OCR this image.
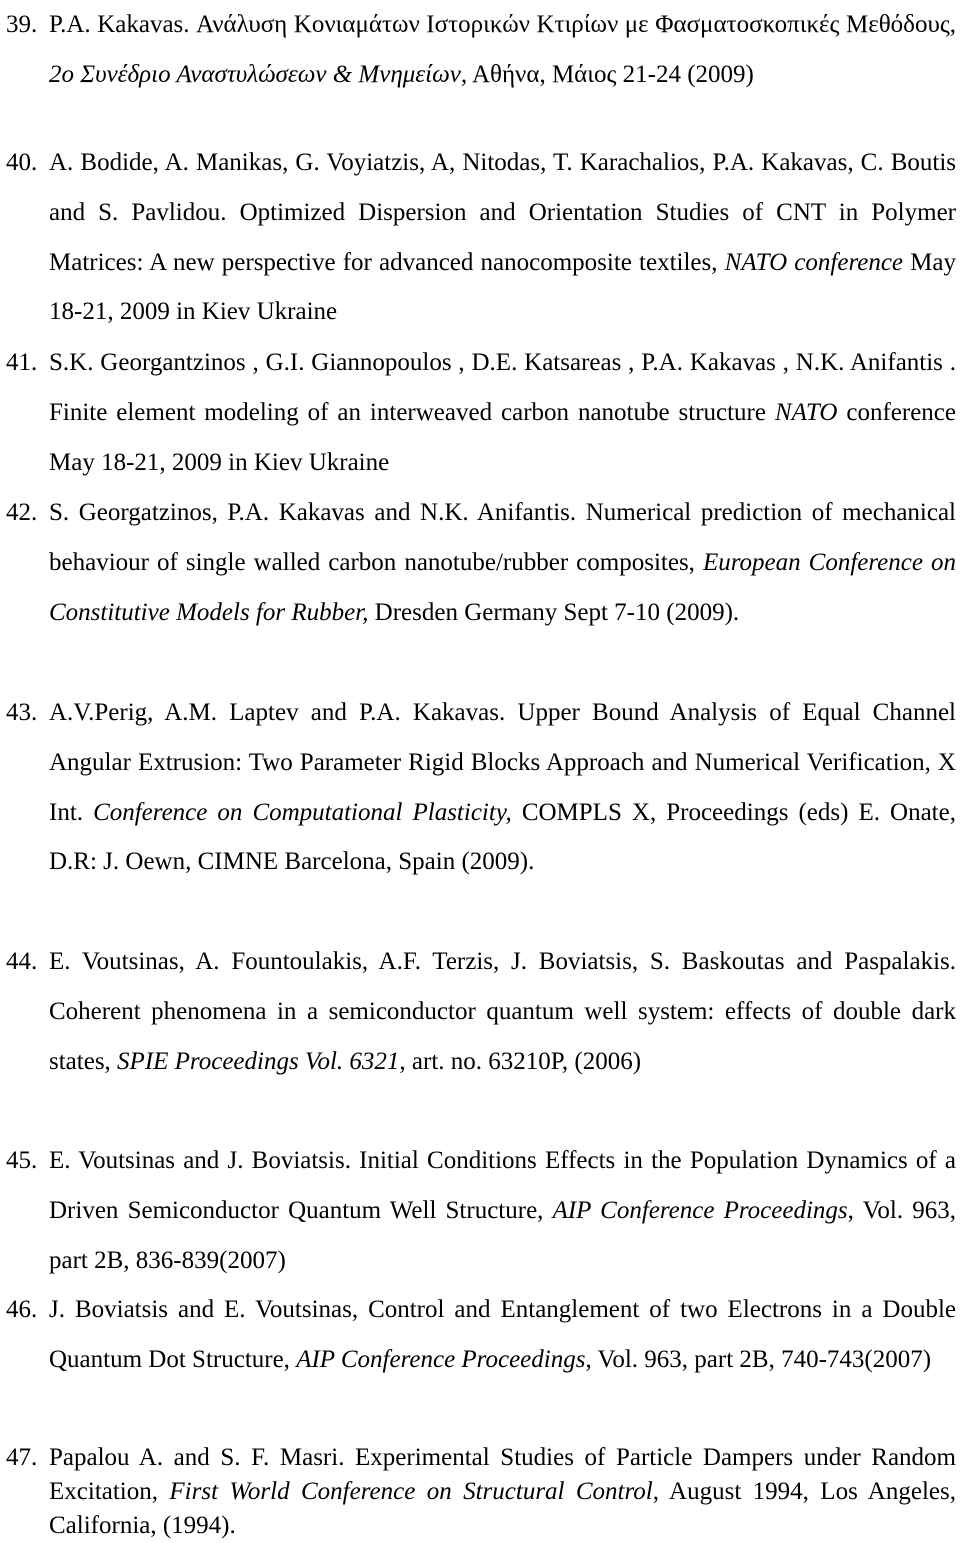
39. P.A. Kakavas. Ανάλυση Κονιαμάτων Ιστορικών Κτιρίων με Φασματοσκοπικές Μεθόδους, 2ο Συνέδριο Αναστυλώσεων & Μνημείων, Αθήνα, Μάιος 21-24 (2009)
40. A. Bodide, A. Manikas, G. Voyiatzis, A, Nitodas, T. Karachalios, P.A. Kakavas, C. Boutis and S. Pavlidou. Optimized Dispersion and Orientation Studies of CNT in Polymer Matrices: A new perspective for advanced nanocomposite textiles, NATO conference May 18-21, 2009 in Kiev Ukraine
41. S.K. Georgantzinos , G.I. Giannopoulos , D.E. Katsareas , P.A. Kakavas , N.K. Anifantis . Finite element modeling of an interweaved carbon nanotube structure NATO conference May 18-21, 2009 in Kiev Ukraine
42. S. Georgatzinos, P.A. Kakavas and N.K. Anifantis. Numerical prediction of mechanical behaviour of single walled carbon nanotube/rubber composites, European Conference on Constitutive Models for Rubber, Dresden Germany Sept 7-10 (2009).
43. A.V.Perig, A.M. Laptev and P.A. Kakavas. Upper Bound Analysis of Equal Channel Angular Extrusion: Two Parameter Rigid Blocks Approach and Numerical Verification, X Int. Conference on Computational Plasticity, COMPLS X, Proceedings (eds) E. Onate, D.R: J. Oewn, CIMNE Barcelona, Spain (2009).
44. E. Voutsinas, A. Fountoulakis, A.F. Terzis, J. Boviatsis, S. Baskoutas and Paspalakis. Coherent phenomena in a semiconductor quantum well system: effects of double dark states, SPIE Proceedings Vol. 6321, art. no. 63210P, (2006)
45. E. Voutsinas and J. Boviatsis. Initial Conditions Effects in the Population Dynamics of a Driven Semiconductor Quantum Well Structure, AIP Conference Proceedings, Vol. 963, part 2B, 836-839(2007)
46. J. Boviatsis and E. Voutsinas, Control and Entanglement of two Electrons in a Double Quantum Dot Structure, AIP Conference Proceedings, Vol. 963, part 2B, 740-743(2007)
47. Papalou A. and S. F. Masri. Experimental Studies of Particle Dampers under Random Excitation, First World Conference on Structural Control, August 1994, Los Angeles, California, (1994).
